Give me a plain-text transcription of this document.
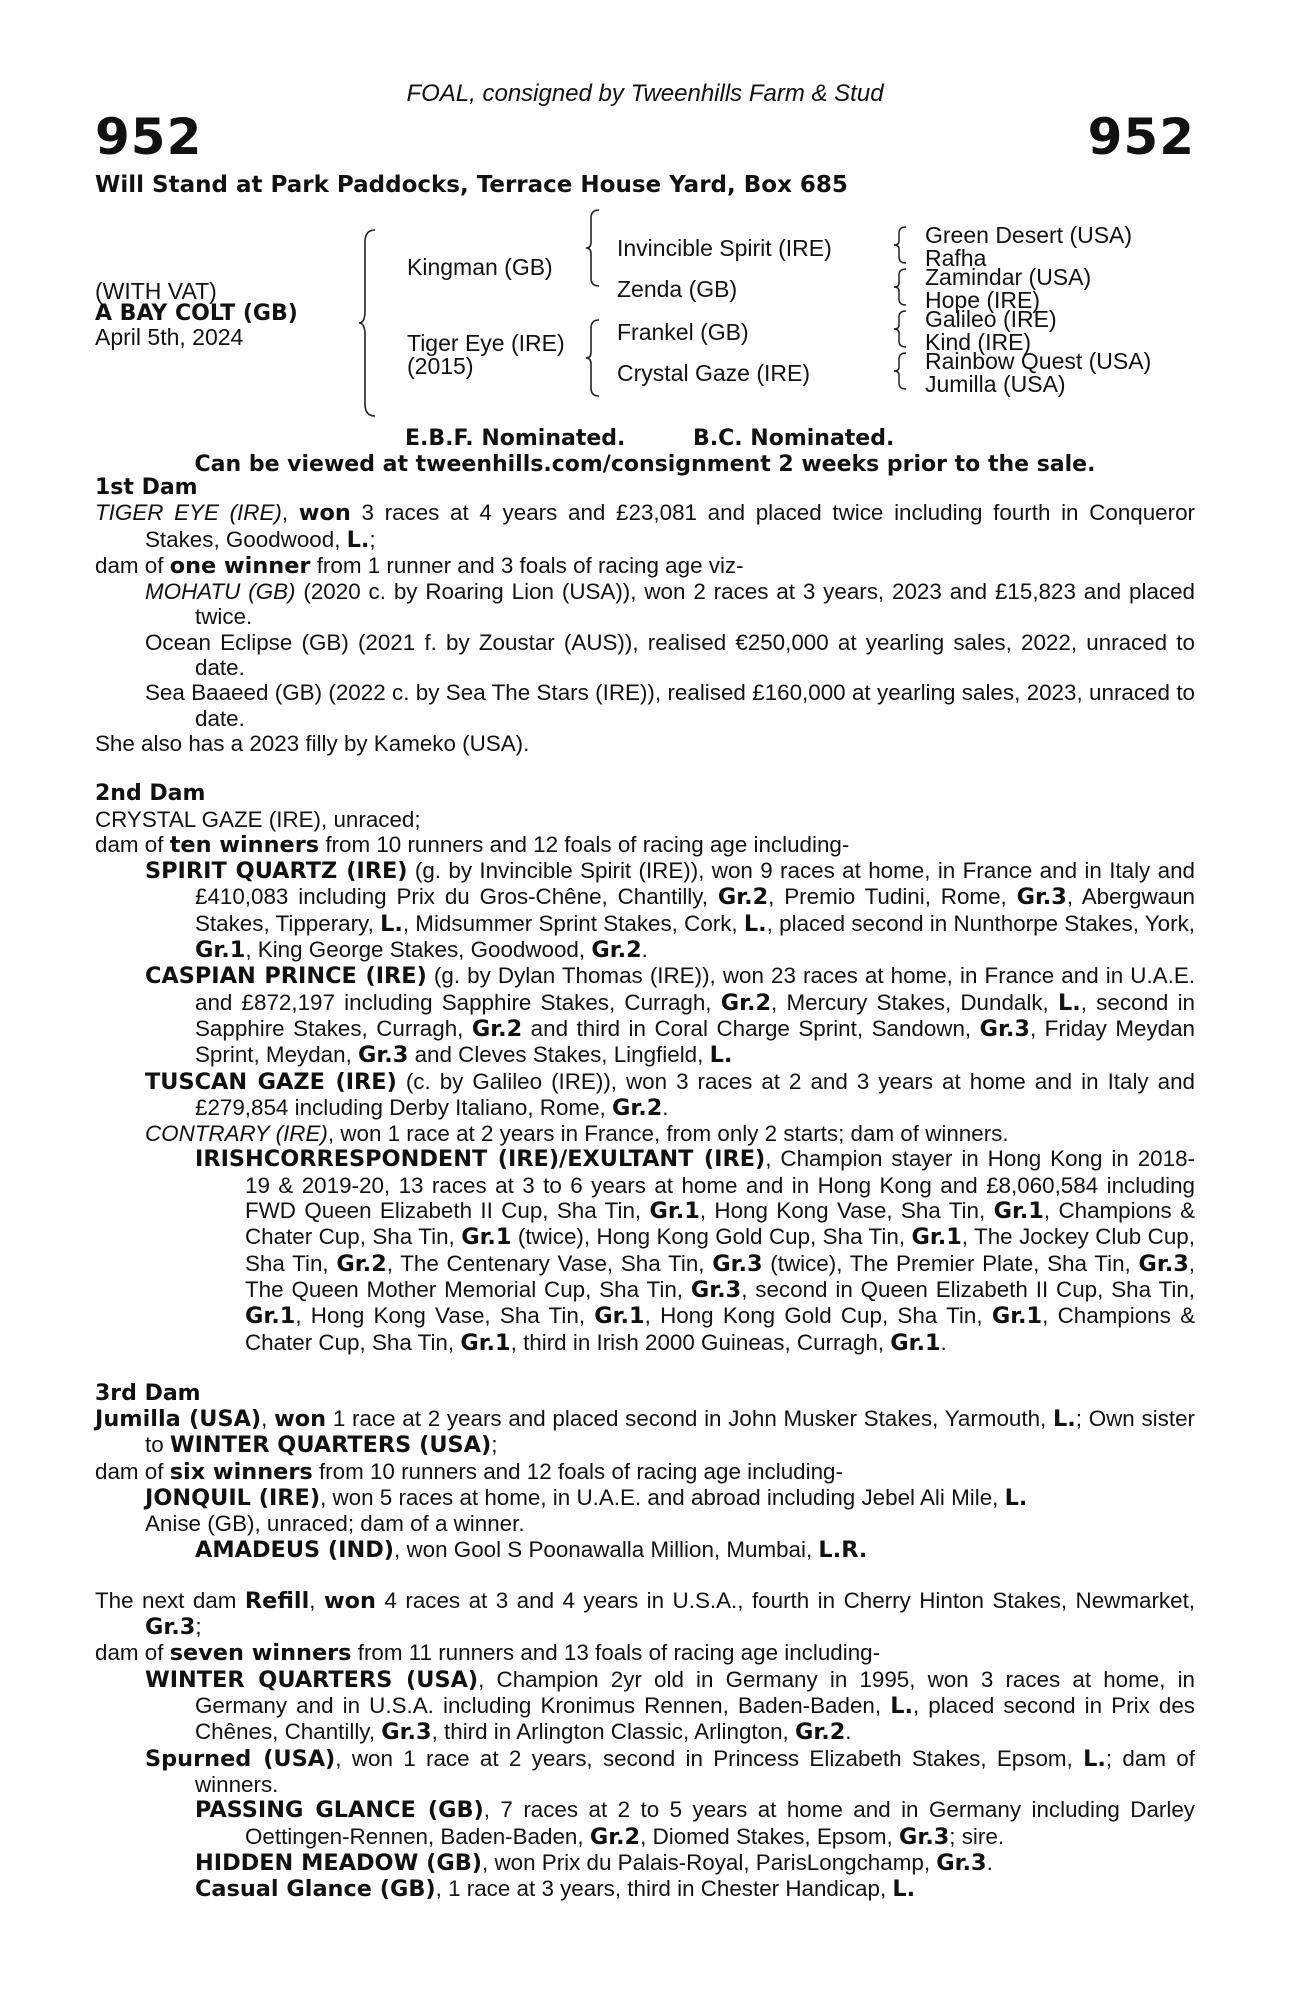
FOAL, consigned by Tweenhills Farm & Stud
952	952
Will Stand at Park Paddocks, Terrace House Yard, Box 685
(WITH VAT)
A BAY COLT (GB)
April 5th, 2024
Kingman (GB)
Tiger Eye (IRE)
(2015)
Invincible Spirit (IRE)
Zenda (GB)
Frankel (GB)
Crystal Gaze (IRE)
Green Desert (USA)
Rafha
Zamindar (USA)
Hope (IRE)
Galileo (IRE)
Kind (IRE)
Rainbow Quest (USA)
Jumilla (USA)
E.B.F. Nominated.	B.C. Nominated.
Can be viewed at tweenhills.com/consignment 2 weeks prior to the sale.

1st Dam

TIGER EYE (IRE), won 3 races at 4 years and £23,081 and placed twice including fourth in Conqueror Stakes, Goodwood, L.;

dam of one winner from 1 runner and 3 foals of racing age viz-

MOHATU (GB) (2020 c. by Roaring Lion (USA)), won 2 races at 3 years, 2023 and £15,823 and placed twice.

Ocean Eclipse (GB) (2021 f. by Zoustar (AUS)), realised €250,000 at yearling sales, 2022, unraced to date.

Sea Baaeed (GB) (2022 c. by Sea The Stars (IRE)), realised £160,000 at yearling sales, 2023, unraced to date.

She also has a 2023 filly by Kameko (USA).

2nd Dam

CRYSTAL GAZE (IRE), unraced;

dam of ten winners from 10 runners and 12 foals of racing age including-

SPIRIT QUARTZ (IRE) (g. by Invincible Spirit (IRE)), won 9 races at home, in France and in Italy and £410,083 including Prix du Gros-Chêne, Chantilly, Gr.2, Premio Tudini, Rome, Gr.3, Abergwaun Stakes, Tipperary, L., Midsummer Sprint Stakes, Cork, L., placed second in Nunthorpe Stakes, York, Gr.1, King George Stakes, Goodwood, Gr.2.

CASPIAN PRINCE (IRE) (g. by Dylan Thomas (IRE)), won 23 races at home, in France and in U.A.E. and £872,197 including Sapphire Stakes, Curragh, Gr.2, Mercury Stakes, Dundalk, L., second in Sapphire Stakes, Curragh, Gr.2 and third in Coral Charge Sprint, Sandown, Gr.3, Friday Meydan Sprint, Meydan, Gr.3 and Cleves Stakes, Lingfield, L.

TUSCAN GAZE (IRE) (c. by Galileo (IRE)), won 3 races at 2 and 3 years at home and in Italy and £279,854 including Derby Italiano, Rome, Gr.2.

CONTRARY (IRE), won 1 race at 2 years in France, from only 2 starts; dam of winners.

IRISHCORRESPONDENT (IRE)/EXULTANT (IRE), Champion stayer in Hong Kong in 2018-19 & 2019-20, 13 races at 3 to 6 years at home and in Hong Kong and £8,060,584 including FWD Queen Elizabeth II Cup, Sha Tin, Gr.1, Hong Kong Vase, Sha Tin, Gr.1, Champions & Chater Cup, Sha Tin, Gr.1 (twice), Hong Kong Gold Cup, Sha Tin, Gr.1, The Jockey Club Cup, Sha Tin, Gr.2, The Centenary Vase, Sha Tin, Gr.3 (twice), The Premier Plate, Sha Tin, Gr.3, The Queen Mother Memorial Cup, Sha Tin, Gr.3, second in Queen Elizabeth II Cup, Sha Tin, Gr.1, Hong Kong Vase, Sha Tin, Gr.1, Hong Kong Gold Cup, Sha Tin, Gr.1, Champions & Chater Cup, Sha Tin, Gr.1, third in Irish 2000 Guineas, Curragh, Gr.1.

3rd Dam

Jumilla (USA), won 1 race at 2 years and placed second in John Musker Stakes, Yarmouth, L.; Own sister to WINTER QUARTERS (USA);

dam of six winners from 10 runners and 12 foals of racing age including-

JONQUIL (IRE), won 5 races at home, in U.A.E. and abroad including Jebel Ali Mile, L.

Anise (GB), unraced; dam of a winner.

AMADEUS (IND), won Gool S Poonawalla Million, Mumbai, L.R.

The next dam Refill, won 4 races at 3 and 4 years in U.S.A., fourth in Cherry Hinton Stakes, Newmarket, Gr.3;

dam of seven winners from 11 runners and 13 foals of racing age including-

WINTER QUARTERS (USA), Champion 2yr old in Germany in 1995, won 3 races at home, in Germany and in U.S.A. including Kronimus Rennen, Baden-Baden, L., placed second in Prix des Chênes, Chantilly, Gr.3, third in Arlington Classic, Arlington, Gr.2.

Spurned (USA), won 1 race at 2 years, second in Princess Elizabeth Stakes, Epsom, L.; dam of winners.

PASSING GLANCE (GB), 7 races at 2 to 5 years at home and in Germany including Darley Oettingen-Rennen, Baden-Baden, Gr.2, Diomed Stakes, Epsom, Gr.3; sire.

HIDDEN MEADOW (GB), won Prix du Palais-Royal, ParisLongchamp, Gr.3.

Casual Glance (GB), 1 race at 3 years, third in Chester Handicap, L.
